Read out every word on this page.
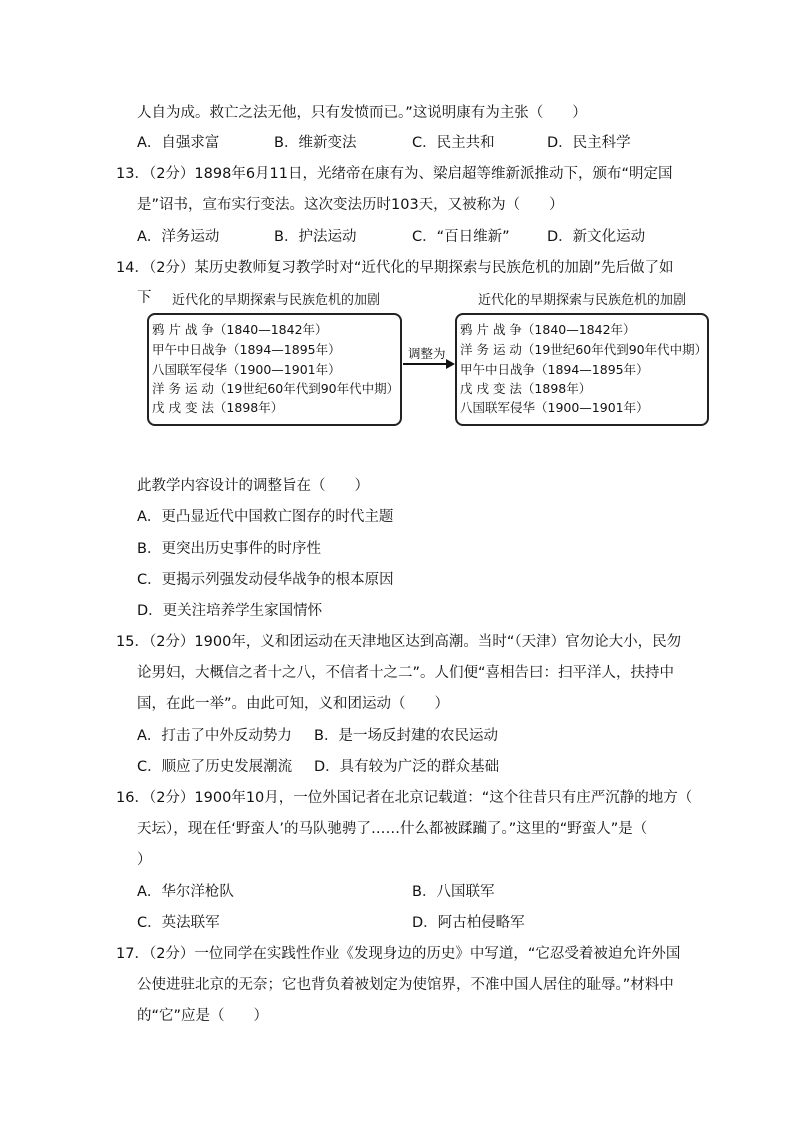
人自为成。救亡之法无他，只有发愤而已。”这说明康有为主张（　　）
A．自强求富	B．维新变法	C．民主共和	D．民主科学
13．（2分）1898年6月11日，光绪帝在康有为、梁启超等维新派推动下，颁布“明定国
是”诏书，宣布实行变法。这次变法历时103天，又被称为（　　）
A．洋务运动	B．护法运动	C．“百日维新”	D．新文化运动
14．（2分）某历史教师复习教学时对“近代化的早期探索与民族危机的加剧”先后做了如
下 近代化的早期探索与民族危机的加剧
鸦 片 战 争（1840—1842年）
甲午中日战争（1894—1895年）
八国联军侵华（1900—1901年）
洋 务 运 动（19世纪60年代到90年代中期）
戊 戌 变 法（1898年）
调整为
近代化的早期探索与民族危机的加剧
鸦 片 战 争（1840—1842年）
洋 务 运 动（19世纪60年代到90年代中期）
甲午中日战争（1894—1895年）
戊 戌 变 法（1898年）
八国联军侵华（1900—1901年）
此教学内容设计的调整旨在（　　）
A．更凸显近代中国救亡图存的时代主题
B．更突出历史事件的时序性
C．更揭示列强发动侵华战争的根本原因
D．更关注培养学生家国情怀
15．（2分）1900年，义和团运动在天津地区达到高潮。当时“（天津）官勿论大小，民勿
论男妇，大概信之者十之八，不信者十之二”。人们便“喜相告曰：扫平洋人，扶持中
国，在此一举”。由此可知，义和团运动（　　）
A．打击了中外反动势力 B．是一场反封建的农民运动
C．顺应了历史发展潮流 D．具有较为广泛的群众基础
16．（2分）1900年10月，一位外国记者在北京记载道：“这个往昔只有庄严沉静的地方（
天坛），现在任‘野蛮人’的马队驰骋了……什么都被蹂躏了。”这里的“野蛮人”是（
）
A．华尔洋枪队	B．八国联军
C．英法联军	D．阿古柏侵略军
17．（2分）一位同学在实践性作业《发现身边的历史》中写道，“它忍受着被迫允许外国
公使进驻北京的无奈；它也背负着被划定为使馆界，不准中国人居住的耻辱。”材料中
的“它”应是（　　）
